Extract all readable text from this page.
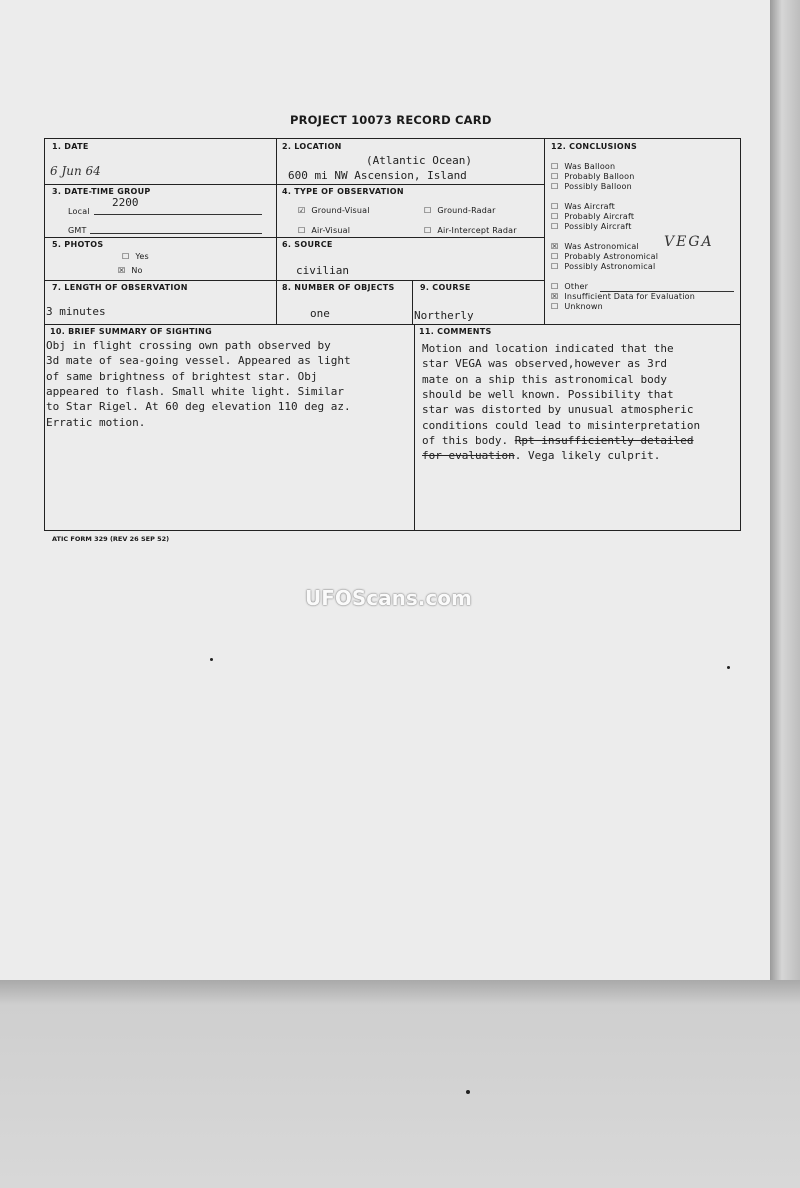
PROJECT 10073 RECORD CARD
1. DATE
6 Jun 64
2. LOCATION
(Atlantic Ocean)
600 mi NW Ascension, Island
3. DATE-TIME GROUP
Local
2200
GMT
4. TYPE OF OBSERVATION
☑ Ground-Visual	☐ Ground-Radar
☐ Air-Visual	☐ Air-Intercept Radar
5. PHOTOS
☐ Yes
☒ No
6. SOURCE
civilian
7. LENGTH OF OBSERVATION
3 minutes
8. NUMBER OF OBJECTS
one
9. COURSE
Northerly
12. CONCLUSIONS
☐ Was Balloon
☐ Probably Balloon
☐ Possibly Balloon
☐ Was Aircraft
☐ Probably Aircraft
☐ Possibly Aircraft
☒ Was Astronomical
☐ Probably Astronomical
☐ Possibly Astronomical
☐ Other
☒ Insufficient Data for Evaluation
☐ Unknown
VEGA
10. BRIEF SUMMARY OF SIGHTING
Obj in flight crossing own path observed by
3d mate of sea-going vessel. Appeared as light
of same brightness of brightest star. Obj
appeared to flash. Small white light. Similar
to Star Rigel. At 60 deg elevation 110 deg az.
Erratic motion.
11. COMMENTS
Motion and location indicated that the
star VEGA was observed,however as 3rd
mate on a ship this astronomical body
should be well known. Possibility that
star was distorted by unusual atmospheric
conditions could lead to misinterpretation
of this body. Rpt insufficiently detailed
for evaluation. Vega likely culprit.
ATIC FORM 329 (REV 26 SEP 52)
UFOScans.com
